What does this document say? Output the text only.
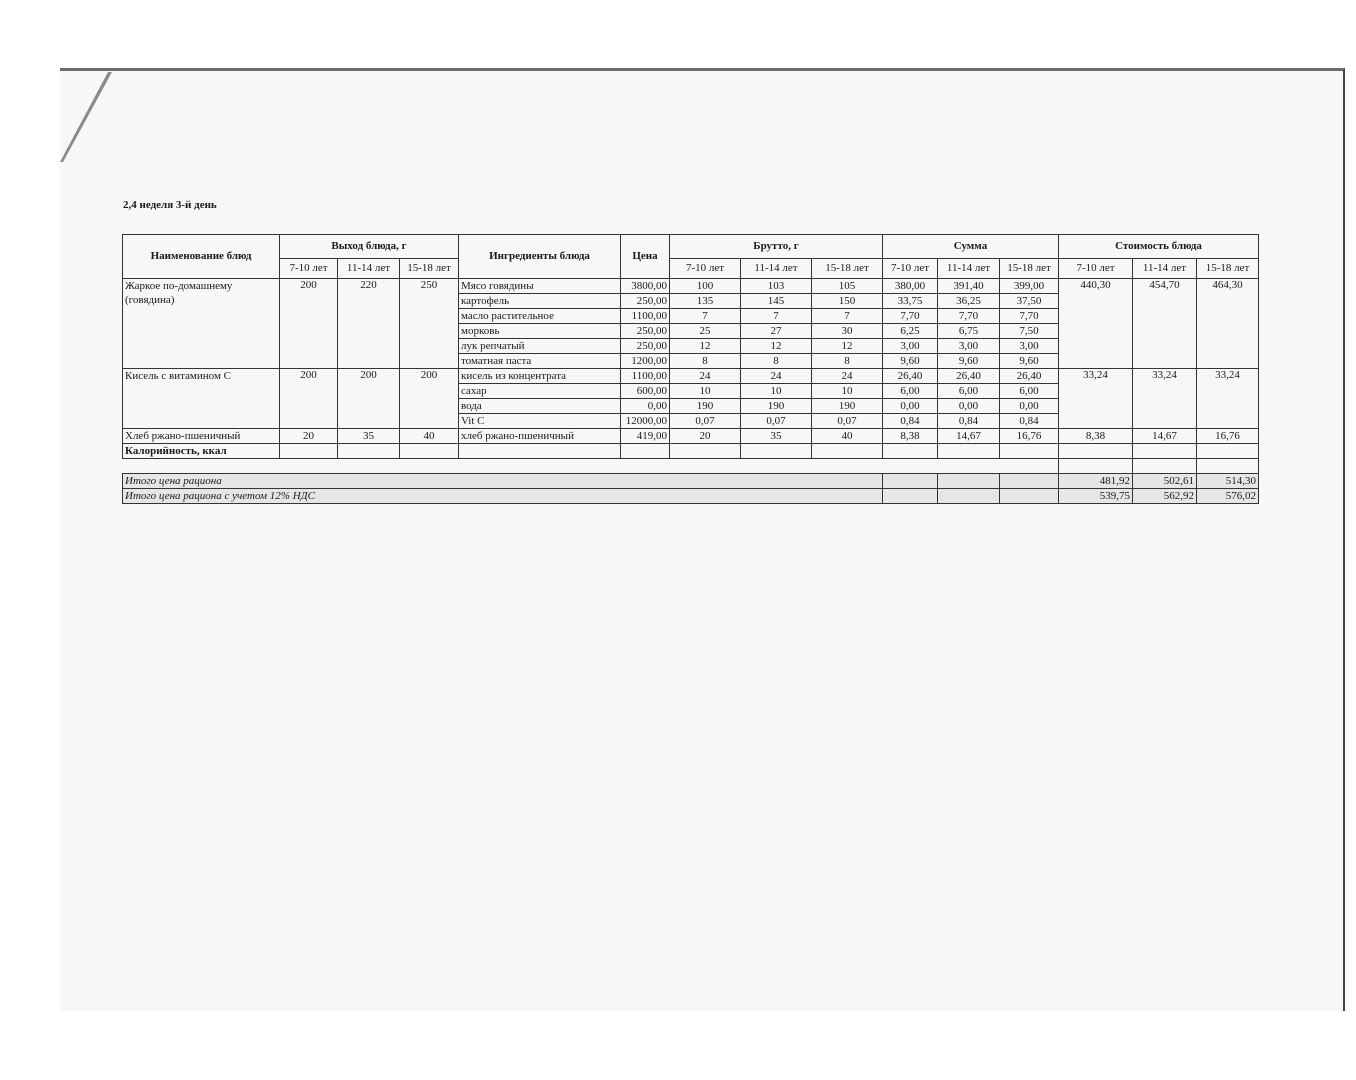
2,4 неделя 3-й день
Наименование блюд	Выход блюда, г			Ингредиенты блюда	Цена	Брутто, г			Сумма			Стоимость блюда		
	7-10 лет	11-14 лет	15-18 лет			7-10 лет	11-14 лет	15-18 лет	7-10 лет	11-14 лет	15-18 лет	7-10 лет	11-14 лет	15-18 лет
Жаркое по-домашнему (говядина)	200	220	250	Мясо говядины	3800,00	100	103	105	380,00	391,40	399,00	440,30	454,70	464,30
				картофель	250,00	135	145	150	33,75	36,25	37,50			
				масло растительное	1100,00	7	7	7	7,70	7,70	7,70			
				морковь	250,00	25	27	30	6,25	6,75	7,50			
				лук репчатый	250,00	12	12	12	3,00	3,00	3,00			
				томатная паста	1200,00	8	8	8	9,60	9,60	9,60			
Кисель с витамином С	200	200	200	кисель из концентрата	1100,00	24	24	24	26,40	26,40	26,40	33,24	33,24	33,24
				сахар	600,00	10	10	10	6,00	6,00	6,00			
				вода	0,00	190	190	190	0,00	0,00	0,00			
				Vit C	12000,00	0,07	0,07	0,07	0,84	0,84	0,84			
Хлеб ржано-пшеничный	20	35	40	хлеб ржано-пшеничный	419,00	20	35	40	8,38	14,67	16,76	8,38	14,67	16,76
Калорийность, ккал														

Итого цена рациона												481,92	502,61	514,30
Итого цена рациона с учетом 12% НДС												539,75	562,92	576,02
